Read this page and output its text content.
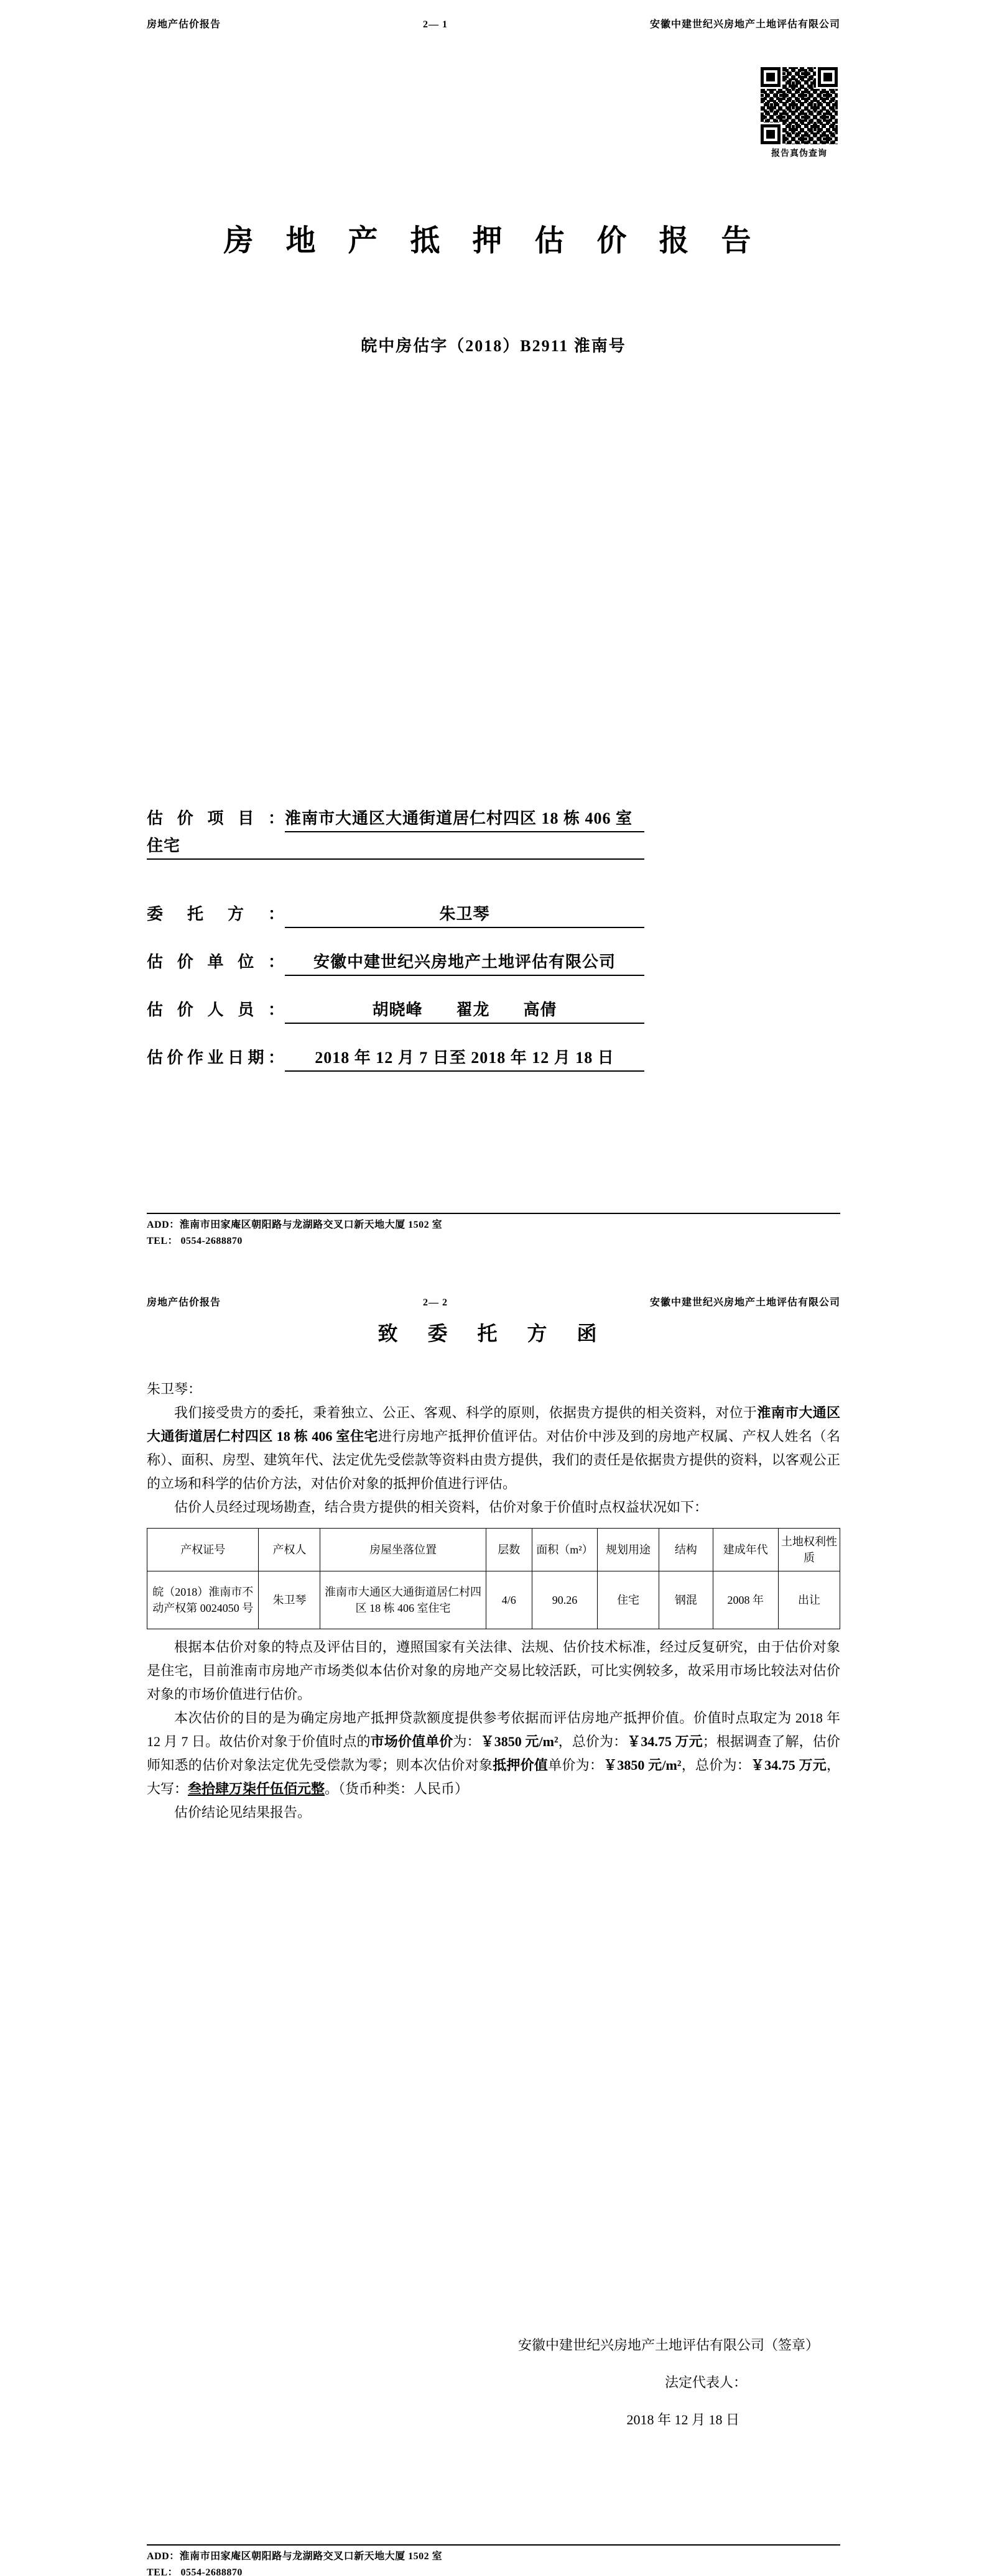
房地产估价报告	2— 1	安徽中建世纪兴房地产土地评估有限公司
报告真伪查询
房 地 产 抵 押 估 价 报 告
皖中房估字（2018）B2911 淮南号
估价项目：淮南市大通区大通街道居仁村四区 18 栋 406 室住宅
委托方：	朱卫琴
估价单位：	安徽中建世纪兴房地产土地评估有限公司
估价人员：	胡晓峰　　翟龙　　高倩
估价作业日期：	2018 年 12 月 7 日至 2018 年 12 月 18 日
ADD：淮南市田家庵区朝阳路与龙湖路交叉口新天地大厦 1502 室
TEL： 0554-2688870
房地产估价报告	2— 2	安徽中建世纪兴房地产土地评估有限公司
致 委 托 方 函

朱卫琴：

我们接受贵方的委托，秉着独立、公正、客观、科学的原则，依据贵方提供的相关资料，对位于淮南市大通区大通街道居仁村四区 18 栋 406 室住宅进行房地产抵押价值评估。对估价中涉及到的房地产权属、产权人姓名（名称）、面积、房型、建筑年代、法定优先受偿款等资料由贵方提供，我们的责任是依据贵方提供的资料，以客观公正的立场和科学的估价方法，对估价对象的抵押价值进行评估。

估价人员经过现场勘查，结合贵方提供的相关资料，估价对象于价值时点权益状况如下：

产权证号	产权人	房屋坐落位置	层数	面积（m²）	规划用途	结构	建成年代	土地权利性质
皖（2018）淮南市不动产权第 0024050 号	朱卫琴	淮南市大通区大通街道居仁村四区 18 栋 406 室住宅	4/6	90.26	住宅	钢混	2008 年	出让

根据本估价对象的特点及评估目的，遵照国家有关法律、法规、估价技术标准，经过反复研究，由于估价对象是住宅，目前淮南市房地产市场类似本估价对象的房地产交易比较活跃，可比实例较多，故采用市场比较法对估价对象的市场价值进行估价。

本次估价的目的是为确定房地产抵押贷款额度提供参考依据而评估房地产抵押价值。价值时点取定为 2018 年 12 月 7 日。故估价对象于价值时点的市场价值单价为：￥3850 元/m²，总价为：￥34.75 万元；根据调查了解，估价师知悉的估价对象法定优先受偿款为零；则本次估价对象抵押价值单价为：￥3850 元/m²，总价为：￥34.75 万元，大写：叁拾肆万柒仟伍佰元整。（货币种类：人民币）

估价结论见结果报告。

安徽中建世纪兴房地产土地评估有限公司（签章）
法定代表人：
2018 年 12 月 18 日
ADD：淮南市田家庵区朝阳路与龙湖路交叉口新天地大厦 1502 室
TEL： 0554-2688870
